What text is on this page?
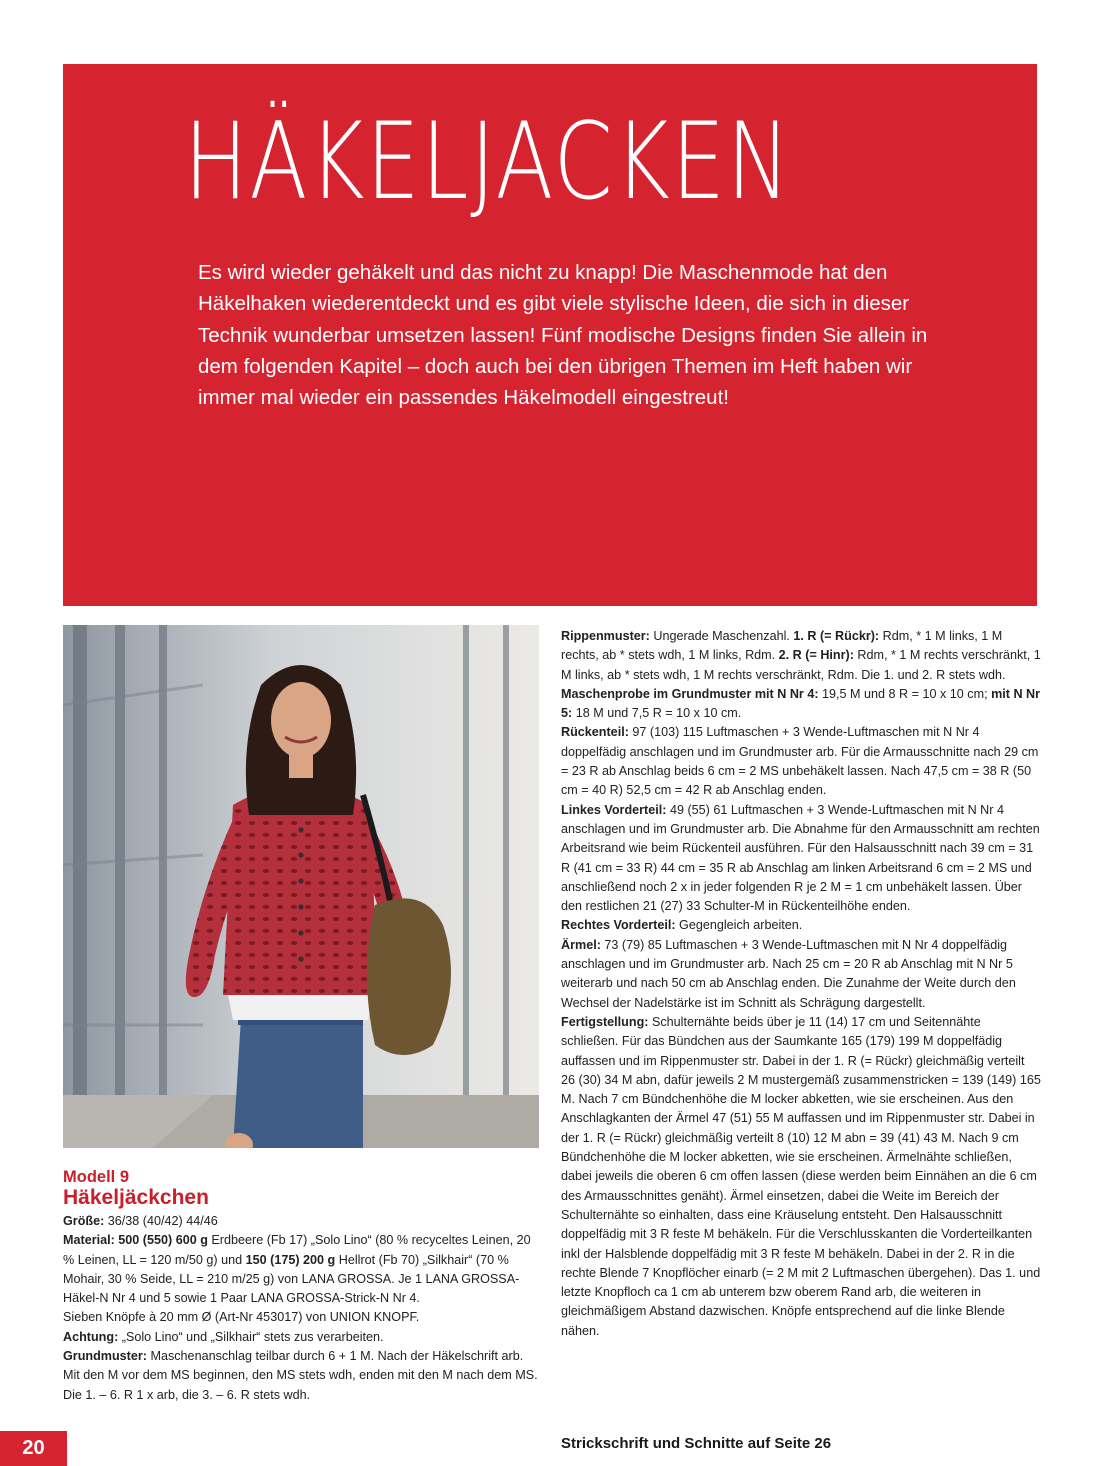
HÄKELJACKEN

Es wird wieder gehäkelt und das nicht zu knapp! Die Maschenmode hat den Häkelhaken wiederentdeckt und es gibt viele stylische Ideen, die sich in dieser Technik wunderbar umsetzen lassen! Fünf modische Designs finden Sie allein in dem folgenden Kapitel – doch auch bei den übrigen Themen im Heft haben wir immer mal wieder ein passendes Häkelmodell eingestreut!

Modell 9

Häkeljäckchen

Größe: 36/38 (40/42) 44/46

Material: 500 (550) 600 g Erdbeere (Fb 17) „Solo Lino“ (80 % recyceltes Leinen, 20 % Leinen, LL = 120 m/50 g) und 150 (175) 200 g Hellrot (Fb 70) „Silkhair“ (70 % Mohair, 30 % Seide, LL = 210 m/25 g) von LANA GROSSA. Je 1 LANA GROSSA-Häkel-N Nr 4 und 5 sowie 1 Paar LANA GROSSA-Strick-N Nr 4.

Sieben Knöpfe à 20 mm Ø (Art-Nr 453017) von UNION KNOPF.

Achtung: „Solo Lino“ und „Silkhair“ stets zus verarbeiten.

Grundmuster: Maschenanschlag teilbar durch 6 + 1 M. Nach der Häkelschrift arb. Mit den M vor dem MS beginnen, den MS stets wdh, enden mit den M nach dem MS. Die 1. – 6. R 1 x arb, die 3. – 6. R stets wdh.

Rippenmuster: Ungerade Maschenzahl. 1. R (= Rückr): Rdm, * 1 M links, 1 M rechts, ab * stets wdh, 1 M links, Rdm. 2. R (= Hinr): Rdm, * 1 M rechts verschränkt, 1 M links, ab * stets wdh, 1 M rechts verschränkt, Rdm. Die 1. und 2. R stets wdh.

Maschenprobe im Grundmuster mit N Nr 4: 19,5 M und 8 R = 10 x 10 cm; mit N Nr 5: 18 M und 7,5 R = 10 x 10 cm.

Rückenteil: 97 (103) 115 Luftmaschen + 3 Wende-Luftmaschen mit N Nr 4 doppelfädig anschlagen und im Grundmuster arb. Für die Armausschnitte nach 29 cm = 23 R ab Anschlag beids 6 cm = 2 MS unbehäkelt lassen. Nach 47,5 cm = 38 R (50 cm = 40 R) 52,5 cm = 42 R ab Anschlag enden.

Linkes Vorderteil: 49 (55) 61 Luftmaschen + 3 Wende-Luftmaschen mit N Nr 4 anschlagen und im Grundmuster arb. Die Abnahme für den Armausschnitt am rechten Arbeitsrand wie beim Rückenteil ausführen. Für den Halsausschnitt nach 39 cm = 31 R (41 cm = 33 R) 44 cm = 35 R ab Anschlag am linken Arbeitsrand 6 cm = 2 MS und anschließend noch 2 x in jeder folgenden R je 2 M = 1 cm unbehäkelt lassen. Über den restlichen 21 (27) 33 Schulter-M in Rückenteilhöhe enden.

Rechtes Vorderteil: Gegengleich arbeiten.

Ärmel: 73 (79) 85 Luftmaschen + 3 Wende-Luftmaschen mit N Nr 4 doppelfädig anschlagen und im Grundmuster arb. Nach 25 cm = 20 R ab Anschlag mit N Nr 5 weiterarb und nach 50 cm ab Anschlag enden. Die Zunahme der Weite durch den Wechsel der Nadelstärke ist im Schnitt als Schrägung dargestellt.

Fertigstellung: Schulternähte beids über je 11 (14) 17 cm und Seitennähte schließen. Für das Bündchen aus der Saumkante 165 (179) 199 M doppelfädig auffassen und im Rippenmuster str. Dabei in der 1. R (= Rückr) gleichmäßig verteilt 26 (30) 34 M abn, dafür jeweils 2 M mustergemäß zusammenstricken = 139 (149) 165 M. Nach 7 cm Bündchenhöhe die M locker abketten, wie sie erscheinen. Aus den Anschlagkanten der Ärmel 47 (51) 55 M auffassen und im Rippenmuster str. Dabei in der 1. R (= Rückr) gleichmäßig verteilt 8 (10) 12 M abn = 39 (41) 43 M. Nach 9 cm Bündchenhöhe die M locker abketten, wie sie erscheinen. Ärmelnähte schließen, dabei jeweils die oberen 6 cm offen lassen (diese werden beim Einnähen an die 6 cm des Armausschnittes genäht). Ärmel einsetzen, dabei die Weite im Bereich der Schulternähte so einhalten, dass eine Kräuselung entsteht. Den Halsausschnitt doppelfädig mit 3 R feste M behäkeln. Für die Verschlusskanten die Vorderteilkanten inkl der Halsblende doppelfädig mit 3 R feste M behäkeln. Dabei in der 2. R in die rechte Blende 7 Knopflöcher einarb (= 2 M mit 2 Luftmaschen übergehen). Das 1. und letzte Knopfloch ca 1 cm ab unterem bzw oberem Rand arb, die weiteren in gleichmäßigem Abstand dazwischen. Knöpfe entsprechend auf die linke Blende nähen.

Strickschrift und Schnitte auf Seite 26

20
